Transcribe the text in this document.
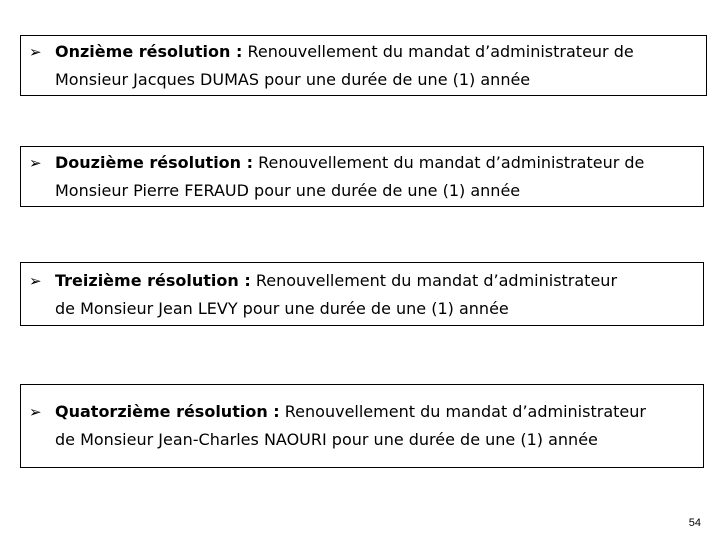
➢ Onzième résolution : Renouvellement du mandat d’administrateur de
Monsieur Jacques DUMAS pour une durée de une (1) année
➢ Douzième résolution : Renouvellement du mandat d’administrateur de
Monsieur Pierre FERAUD pour une durée de une (1) année
➢ Treizième résolution : Renouvellement du mandat d’administrateur
de Monsieur Jean LEVY pour une durée de une (1) année
➢ Quatorzième résolution : Renouvellement du mandat d’administrateur
de Monsieur Jean-Charles NAOURI pour une durée de une (1) année
54
